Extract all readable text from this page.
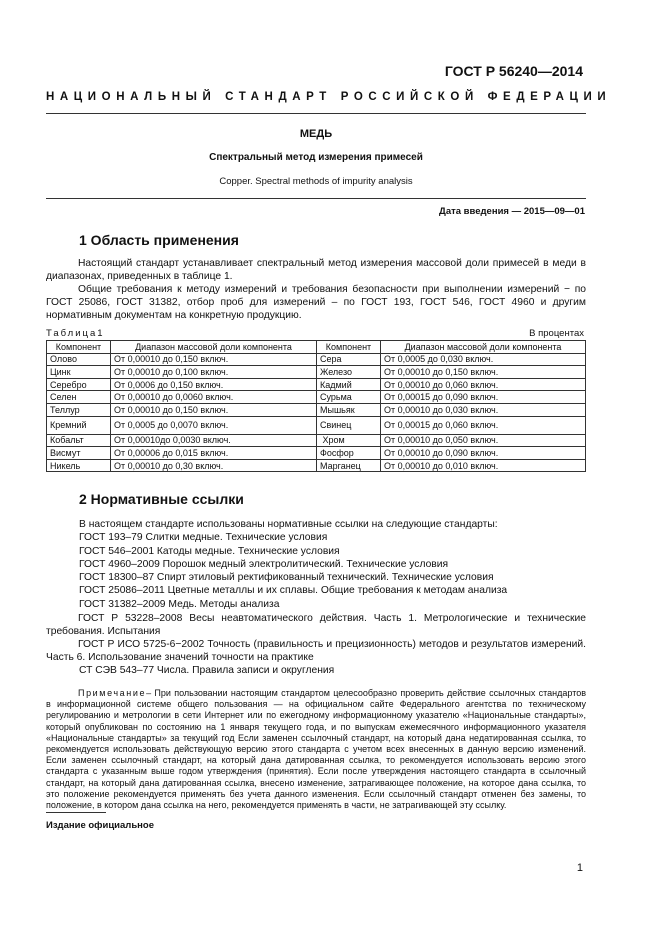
ГОСТ Р 56240—2014
НАЦИОНАЛЬНЫЙ СТАНДАРТ РОССИЙСКОЙ ФЕДЕРАЦИИ
МЕДЬ
Спектральный метод измерения примесей
Copper. Spectral methods of impurity analysis
Дата введения — 2015—09—01
1 Область применения
Настоящий стандарт устанавливает спектральный метод измерения массовой доли примесей в меди в диапазонах, приведенных в таблице 1.
Общие требования к методу измерений и требования безопасности при выполнении измерений − по ГОСТ 25086, ГОСТ 31382, отбор проб для измерений – по ГОСТ 193, ГОСТ 546, ГОСТ 4960 и другим нормативным документам на конкретную продукцию.
Таблица1	В процентах
Компонент	Диапазон массовой доли компонента	Компонент	Диапазон массовой доли компонента
Олово	От 0,00010 до 0,150 включ.	Сера	От 0,0005 до 0,030 включ.
Цинк	От 0,00010 до 0,100 включ.	Железо	От 0,00010 до 0,150 включ.
Серебро	От 0,0006 до 0,150 включ.	Кадмий	От 0,00010 до 0,060 включ.
Селен	От 0,00010 до 0,0060 включ.	Сурьма	От 0,00015 до 0,090 включ.
Теллур	От 0,00010 до 0,150 включ.	Мышьяк	От 0,00010 до 0,030 включ.
Кремний	От 0,0005 до 0,0070 включ.	Свинец	От 0,00015 до 0,060 включ.
Кобальт	От 0,00010до 0,0030 включ.	Хром	От 0,00010 до 0,050 включ.
Висмут	От 0,00006 до 0,015 включ.	Фосфор	От 0,00010 до 0,090 включ.
Никель	От 0,00010 до 0,30 включ.	Марганец	От 0,00010 до 0,010 включ.
2 Нормативные ссылки
В настоящем стандарте использованы нормативные ссылки на следующие стандарты:
ГОСТ 193–79 Слитки медные. Технические условия
ГОСТ 546–2001 Катоды медные. Технические условия
ГОСТ 4960–2009 Порошок медный электролитический. Технические условия
ГОСТ 18300–87 Спирт этиловый ректификованный технический. Технические условия
ГОСТ 25086–2011 Цветные металлы и их сплавы. Общие требования к методам анализа
ГОСТ 31382–2009 Медь. Методы анализа
ГОСТ Р 53228–2008 Весы неавтоматического действия. Часть 1. Метрологические и технические требования. Испытания
ГОСТ Р ИСО 5725-6−2002 Точность (правильность и прецизионность) методов и результатов измерений. Часть 6. Использование значений точности на практике
СТ СЭВ 543–77 Числа. Правила записи и округления
Примечание– При пользовании настоящим стандартом целесообразно проверить действие ссылочных стандартов в информационной системе общего пользования — на официальном сайте Федерального агентства по техническому регулированию и метрологии в сети Интернет или по ежегодному информационному указателю «Национальные стандарты», который опубликован по состоянию на 1 января текущего года, и по выпускам ежемесячного информационного указателя «Национальные стандарты» за текущий год Если заменен ссылочный стандарт, на который дана недатированная ссылка, то рекомендуется использовать действующую версию этого стандарта с учетом всех внесенных в данную версию изменений. Если заменен ссылочный стандарт, на который дана датированная ссылка, то рекомендуется использовать версию этого стандарта с указанным выше годом утверждения (принятия). Если после утверждения настоящего стандарта в ссылочный стандарт, на который дана датированная ссылка, внесено изменение, затрагивающее положение, на которое дана ссылка, то это положение рекомендуется применять без учета данного изменения. Если ссылочный стандарт отменен без замены, то положение, в котором дана ссылка на него, рекомендуется применять в части, не затрагивающей эту ссылку.
Издание официальное
1
